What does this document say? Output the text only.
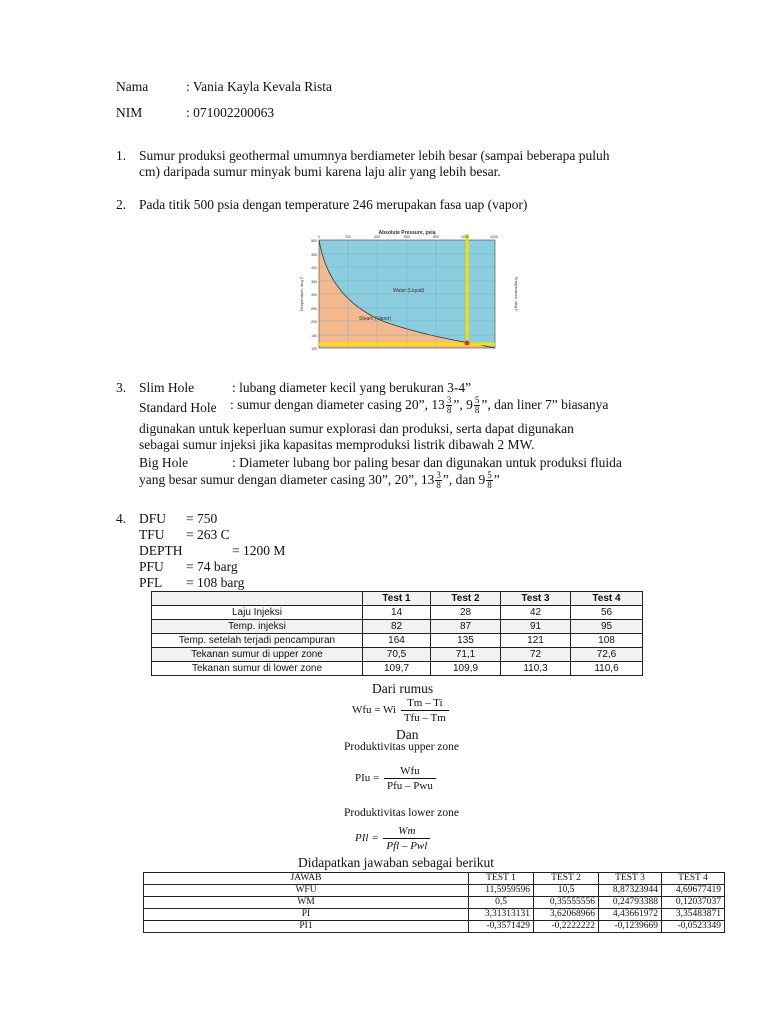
Nama	: Vania Kayla Kevala Rista
NIM	: 071002200063
1. Sumur produksi geothermal umumnya berdiameter lebih besar (sampai beberapa puluh
cm) daripada sumur minyak bumi karena laju alir yang lebih besar.
2. Pada titik 500 psia dengan temperature 246 merupakan fasa uap (vapor)
Absolute Pressure, psia
0	200	400	600	800	1000	1200
500
450
400
350
300
250
200
150
100
Temperature, deg C	Temperature, deg F
Water (Liquid)
Steam (Vapor)
3. Slim Hole	: lubang diameter kecil yang berukuran 3-4”
Standard Hole : sumur dengan diameter casing 20”, $13 \frac{3}{8}$ ”, $9 \frac{5}{8}$ ”, dan liner 7” biasanya
digunakan untuk keperluan sumur explorasi dan produksi, serta dapat digunakan
sebagai sumur injeksi jika kapasitas memproduksi listrik dibawah 2 MW.
Big Hole	: Diameter lubang bor paling besar dan digunakan untuk produksi fluida
yang besar sumur dengan diameter casing 30”, 20”, $13 \frac{3}{8}$ ”, dan $9 \frac{5}{8}$ ”
4. DFU = 750
TFU = 263 C
DEPTH	= 1200 M
PFU = 74 barg
PFL = 108 barg
	Test 1	Test 2	Test 3	Test 4
Laju Injeksi	14	28	42	56
Temp. injeksi	82	87	91	95
Temp. setelah terjadi pencampuran	164	135	121	108
Tekanan sumur di upper zone	70,5	71,1	72	72,6
Tekanan sumur di lower zone	109,7	109,9	110,3	110,6
Dari rumus
Wfu = Wi
Tm – Ti
Tfu – Tm
Dan
Produktivitas upper zone
PIu =
Wfu
Pfu – Pwu
Produktivitas lower zone
PIl =
Wm
Pfl – Pwl
Didapatkan jawaban sebagai berikut
JAWAB	TEST 1	TEST 2	TEST 3	TEST 4
WFU	11,5959596	10,5	8,87323944	4,69677419
WM	0,5	0,35555556	0,24793388	0,12037037
PI	3,31313131	3,62068966	4,43661972	3,35483871
PI1	-0,3571429	-0,2222222	-0,1239669	-0,0523349
